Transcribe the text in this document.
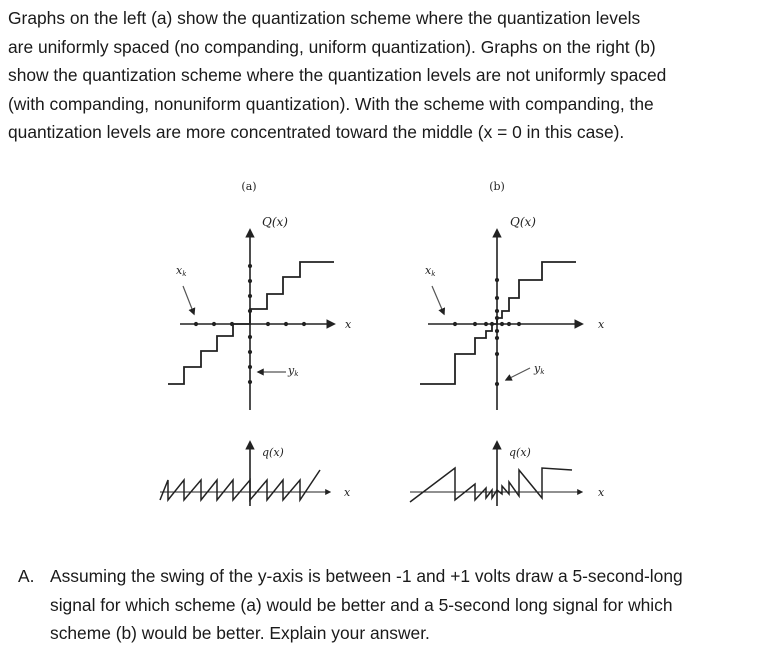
Graphs on the left (a) show the quantization scheme where the quantization levels
are uniformly spaced (no companding, uniform quantization). Graphs on the right (b)
show the quantization scheme where the quantization levels are not uniformly spaced
(with companding, nonuniform quantization). With the scheme with companding, the
quantization levels are more concentrated toward the middle (x = 0 in this case).
(a)
Q(x)
x
xk
yk
q(x)
x
(b)
Q(x)
x
xk
yk
q(x)
x
A. Assuming the swing of the y-axis is between -1 and +1 volts draw a 5-second-long
signal for which scheme (a) would be better and a 5-second long signal for which
scheme (b) would be better. Explain your answer.
